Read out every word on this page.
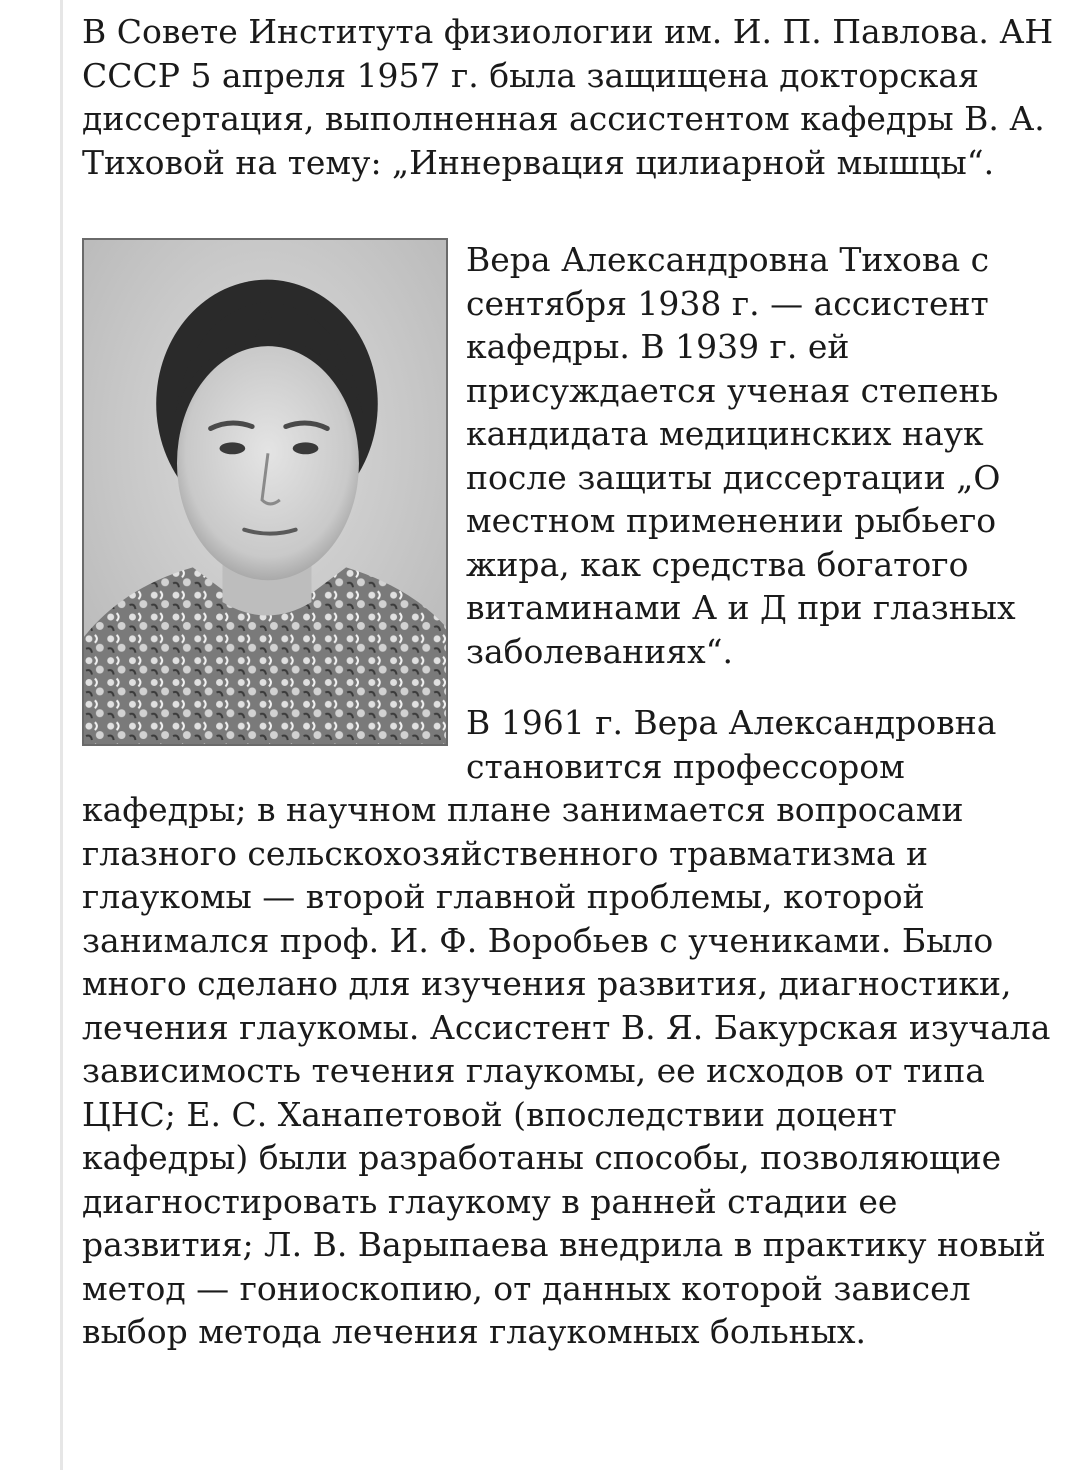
В Совете Института физиологии им. И. П. Павлова. АН СССР 5 апреля 1957 г. была защищена докторская диссертация, выполненная ассистентом кафедры В. А. Тиховой на тему: „Иннервация цилиарной мышцы“.

Вера Александровна Тихова с сентября 1938 г. — ассистент кафедры. В 1939 г. ей присуждается ученая степень кандидата медицинских наук после защиты диссертации „О местном применении рыбьего жира, как средства богатого витаминами А и Д при глазных заболеваниях“.

В 1961 г. Вера Александровна становится профессором кафедры; в научном плане занимается вопросами глазного сельскохозяйственного травматизма и глаукомы — второй главной проблемы, которой занимался проф. И. Ф. Воробьев с учениками. Было много сделано для изучения развития, диагностики, лечения глаукомы. Ассистент В. Я. Бакурская изучала зависимость течения глаукомы, ее исходов от типа ЦНС; Е. С. Ханапетовой (впоследствии доцент кафедры) были разработаны способы, позволяющие диагностировать глаукому в ранней стадии ее развития; Л. В. Варыпаева внедрила в практику новый метод — гониоскопию, от данных которой зависел выбор метода лечения глаукомных больных.
